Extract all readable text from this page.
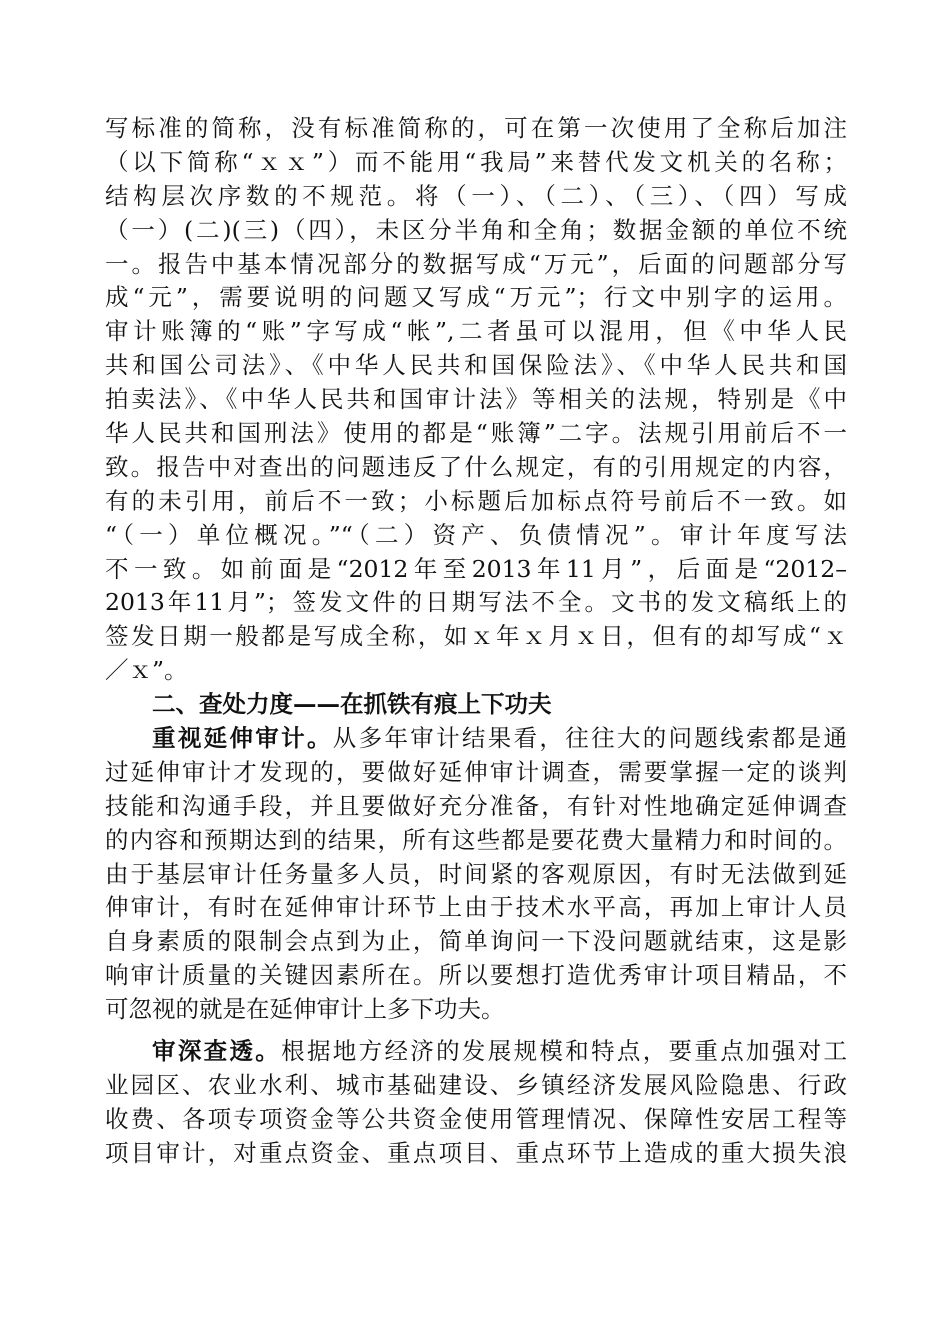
写标准的简称，没有标准简称的，可在第一次使用了全称后加注
（以下简称“ｘｘ”）而不能用“我局”来替代发文机关的名称；
结构层次序数的不规范。将（一）、（二）、（三）、（四）写成
（一）(二)(三)（四），未区分半角和全角；数据金额的单位不统
一。报告中基本情况部分的数据写成“万元”，后面的问题部分写
成“元”，需要说明的问题又写成“万元”；行文中别字的运用。
审计账簿的“账”字写成“帐”,二者虽可以混用，但《中华人民
共和国公司法》、《中华人民共和国保险法》、《中华人民共和国
拍卖法》、《中华人民共和国审计法》等相关的法规，特别是《中
华人民共和国刑法》使用的都是“账簿”二字。法规引用前后不一
致。报告中对查出的问题违反了什么规定，有的引用规定的内容，
有的未引用，前后不一致；小标题后加标点符号前后不一致。如
“（一）单位概况。”“（二）资产、负债情况”。审计年度写法
不一致。如前面是“2012年至2013年11月”，后面是“2012–
2013年11月”；签发文件的日期写法不全。文书的发文稿纸上的
签发日期一般都是写成全称，如ｘ年ｘ月ｘ日，但有的却写成“ｘ
／ｘ”。
二、查处力度——在抓铁有痕上下功夫
重视延伸审计。从多年审计结果看，往往大的问题线索都是通
过延伸审计才发现的，要做好延伸审计调查，需要掌握一定的谈判
技能和沟通手段，并且要做好充分准备，有针对性地确定延伸调查
的内容和预期达到的结果，所有这些都是要花费大量精力和时间的。
由于基层审计任务量多人员，时间紧的客观原因，有时无法做到延
伸审计，有时在延伸审计环节上由于技术水平高，再加上审计人员
自身素质的限制会点到为止，简单询问一下没问题就结束，这是影
响审计质量的关键因素所在。所以要想打造优秀审计项目精品，不
可忽视的就是在延伸审计上多下功夫。
审深查透。根据地方经济的发展规模和特点，要重点加强对工
业园区、农业水利、城市基础建设、乡镇经济发展风险隐患、行政
收费、各项专项资金等公共资金使用管理情况、保障性安居工程等
项目审计，对重点资金、重点项目、重点环节上造成的重大损失浪
